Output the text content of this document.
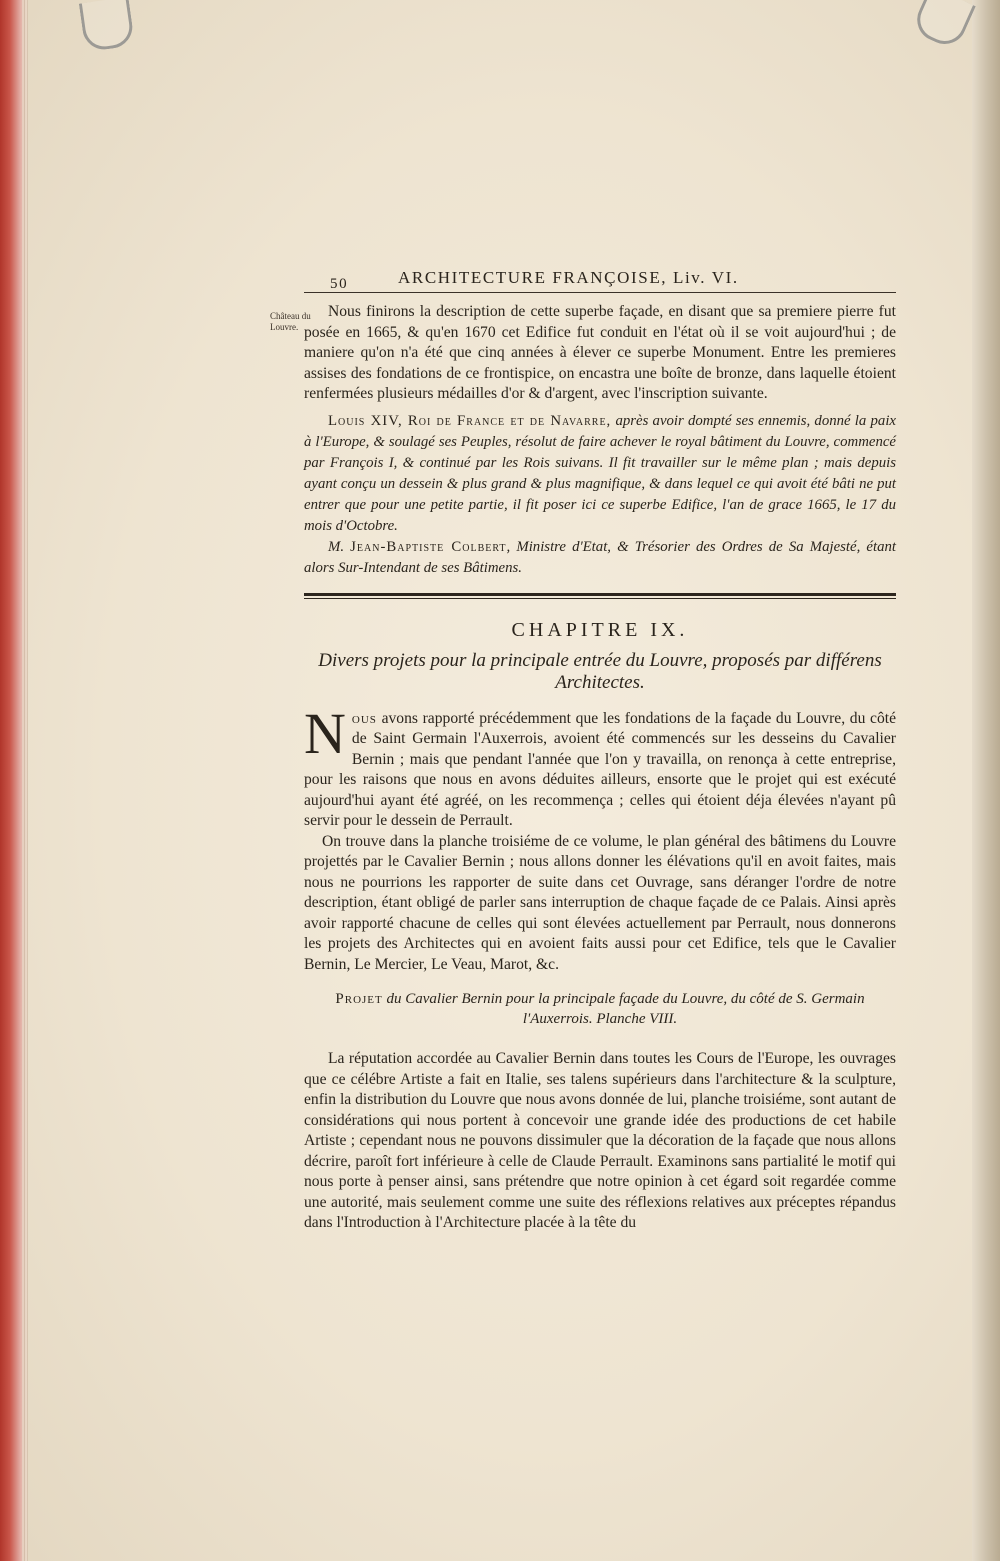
Château du Louvre.
50	ARCHITECTURE FRANÇOISE, Liv. VI.

Nous finirons la description de cette superbe façade, en disant que sa premiere pierre fut posée en 1665, & qu'en 1670 cet Edifice fut conduit en l'état où il se voit aujourd'hui ; de maniere qu'on n'a été que cinq années à élever ce superbe Monument. Entre les premieres assises des fondations de ce frontispice, on encastra une boîte de bronze, dans laquelle étoient renfermées plusieurs médailles d'or & d'argent, avec l'inscription suivante.

Louis XIV, Roi de France et de Navarre, après avoir dompté ses ennemis, donné la paix à l'Europe, & soulagé ses Peuples, résolut de faire achever le royal bâtiment du Louvre, commencé par François I, & continué par les Rois suivans. Il fit travailler sur le même plan ; mais depuis ayant conçu un dessein & plus grand & plus magnifique, & dans lequel ce qui avoit été bâti ne put entrer que pour une petite partie, il fit poser ici ce superbe Edifice, l'an de grace 1665, le 17 du mois d'Octobre.

M. Jean-Baptiste Colbert, Ministre d'Etat, & Trésorier des Ordres de Sa Majesté, étant alors Sur-Intendant de ses Bâtimens.

CHAPITRE IX.
Divers projets pour la principale entrée du Louvre, proposés par différens Architectes.
N ous avons rapporté précédemment que les fondations de la façade du Louvre, du côté de Saint Germain l'Auxerrois, avoient été commencés sur les desseins du Cavalier Bernin ; mais que pendant l'année que l'on y travailla, on renonça à cette entreprise, pour les raisons que nous en avons déduites ailleurs, ensorte que le projet qui est exécuté aujourd'hui ayant été agréé, on les recommença ; celles qui étoient déja élevées n'ayant pû servir pour le dessein de Perrault.

On trouve dans la planche troisiéme de ce volume, le plan général des bâtimens du Louvre projettés par le Cavalier Bernin ; nous allons donner les élévations qu'il en avoit faites, mais nous ne pourrions les rapporter de suite dans cet Ouvrage, sans déranger l'ordre de notre description, étant obligé de parler sans interruption de chaque façade de ce Palais. Ainsi après avoir rapporté chacune de celles qui sont élevées actuellement par Perrault, nous donnerons les projets des Architectes qui en avoient faits aussi pour cet Edifice, tels que le Cavalier Bernin, Le Mercier, Le Veau, Marot, &c.

Projet du Cavalier Bernin pour la principale façade du Louvre, du côté de S. Germain l'Auxerrois. Planche VIII.

La réputation accordée au Cavalier Bernin dans toutes les Cours de l'Europe, les ouvrages que ce célébre Artiste a fait en Italie, ses talens supérieurs dans l'architecture & la sculpture, enfin la distribution du Louvre que nous avons donnée de lui, planche troisiéme, sont autant de considérations qui nous portent à concevoir une grande idée des productions de cet habile Artiste ; cependant nous ne pouvons dissimuler que la décoration de la façade que nous allons décrire, paroît fort inférieure à celle de Claude Perrault. Examinons sans partialité le motif qui nous porte à penser ainsi, sans prétendre que notre opinion à cet égard soit regardée comme une autorité, mais seulement comme une suite des réflexions relatives aux préceptes répandus dans l'Introduction à l'Architecture placée à la tête du
